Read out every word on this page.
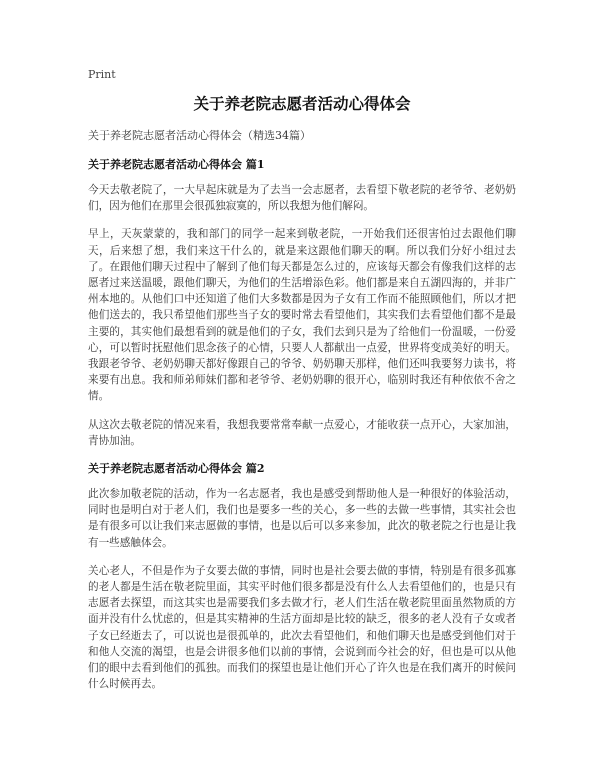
Print
关于养老院志愿者活动心得体会
关于养老院志愿者活动心得体会（精选34篇）
关于养老院志愿者活动心得体会 篇1

今天去敬老院了，一大早起床就是为了去当一会志愿者，去看望下敬老院的老爷爷、老奶奶们，因为他们在那里会很孤独寂寞的，所以我想为他们解闷。

早上，天灰蒙蒙的，我和部门的同学一起来到敬老院，一开始我们还很害怕过去跟他们聊天，后来想了想，我们来这干什么的，就是来这跟他们聊天的啊。所以我们分好小组过去了。在跟他们聊天过程中了解到了他们每天都是怎么过的，应该每天都会有像我们这样的志愿者过来送温暖，跟他们聊天，为他们的生活增添色彩。他们都是来自五湖四海的，并非广州本地的。从他们口中还知道了他们大多数都是因为子女有工作而不能照顾他们，所以才把他们送去的，我只希望他们那些当子女的要时常去看望他们，其实我们去看望他们都不是最主要的，其实他们最想看到的就是他们的子女，我们去到只是为了给他们一份温暖，一份爱心，可以暂时抚慰他们思念孩子的心情，只要人人都献出一点爱，世界将变成美好的明天。我跟老爷爷、老奶奶聊天都好像跟自己的爷爷、奶奶聊天那样，他们还叫我要努力读书，将来要有出息。我和师弟师妹们都和老爷爷、老奶奶聊的很开心，临别时我还有种依依不舍之情。

从这次去敬老院的情况来看，我想我要常常奉献一点爱心，才能收获一点开心，大家加油，青协加油。

关于养老院志愿者活动心得体会 篇2

此次参加敬老院的活动，作为一名志愿者，我也是感受到帮助他人是一种很好的体验活动，同时也是明白对于老人们，我们也是要多一些的关心，多一些的去做一些事情，其实社会也是有很多可以让我们来志愿做的事情，也是以后可以多来参加，此次的敬老院之行也是让我有一些感触体会。

关心老人，不但是作为子女要去做的事情，同时也是社会要去做的事情，特别是有很多孤寡的老人都是生活在敬老院里面，其实平时他们很多都是没有什么人去看望他们的，也是只有志愿者去探望，而这其实也是需要我们多去做才行，老人们生活在敬老院里面虽然物质的方面并没有什么忧虑的，但是其实精神的生活方面却是比较的缺乏，很多的老人没有子女或者子女已经逝去了，可以说也是很孤单的，此次去看望他们，和他们聊天也是感受到他们对于和他人交流的渴望，也是会讲很多他们以前的事情，会说到而今社会的好，但也是可以从他们的眼中去看到他们的孤独。而我们的探望也是让他们开心了许久也是在我们离开的时候问什么时候再去。
